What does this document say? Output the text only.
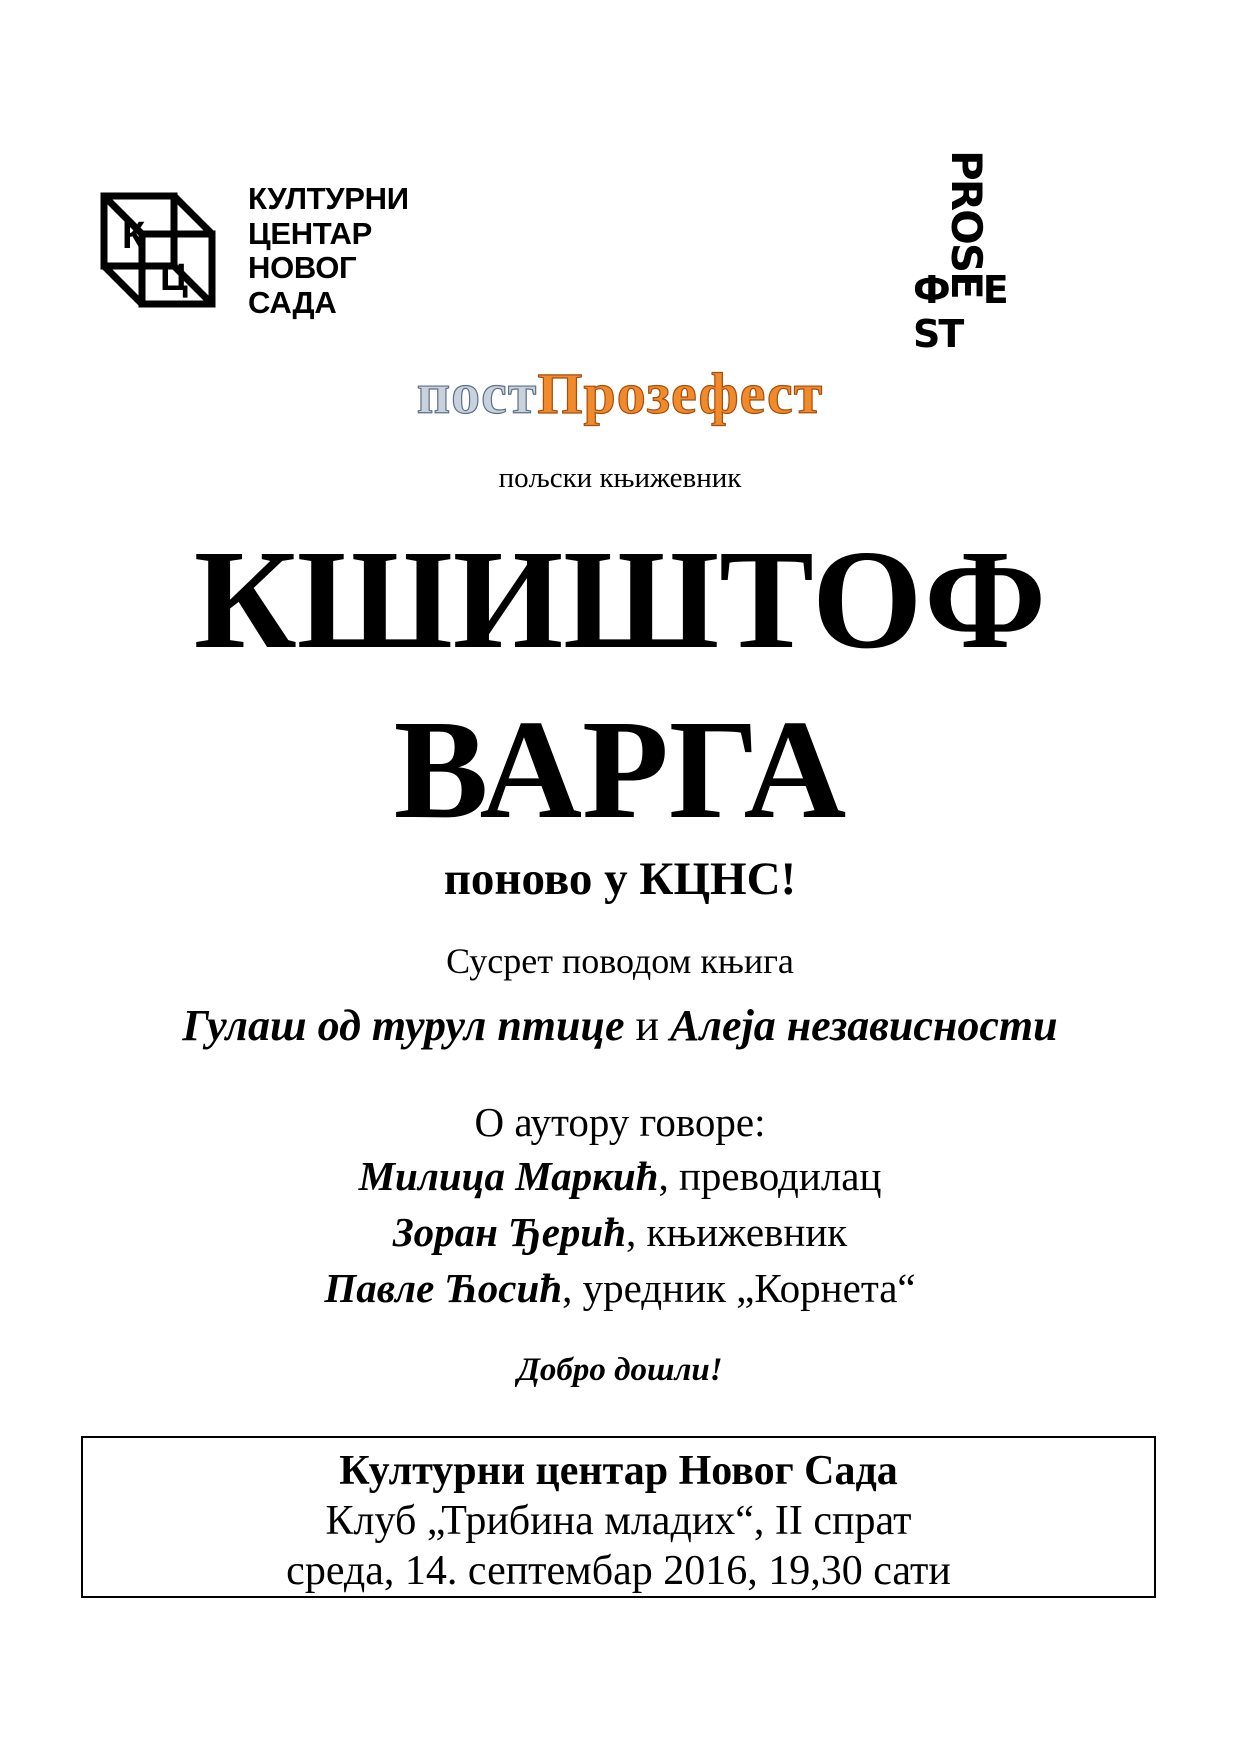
К
Ц
КУЛТУРНИ
ЦЕНТАР
НОВОГ
САДА
PROSE
Ф E ST
постПрозефест
пољски књижевник
КШИШТОФ
ВАРГА
поново у КЦНС!
Сусрет поводом књига
Гулаш од турул птице и Алеја независности
О аутору говоре:
Милица Маркић, преводилац
Зоран Ђерић, књижевник
Павле Ћосић, уредник „Корнета“
Добро дошли!
Културни центар Новог Сада
Клуб „Трибина младих“, II спрат
среда, 14. септембар 2016, 19,30 сати
